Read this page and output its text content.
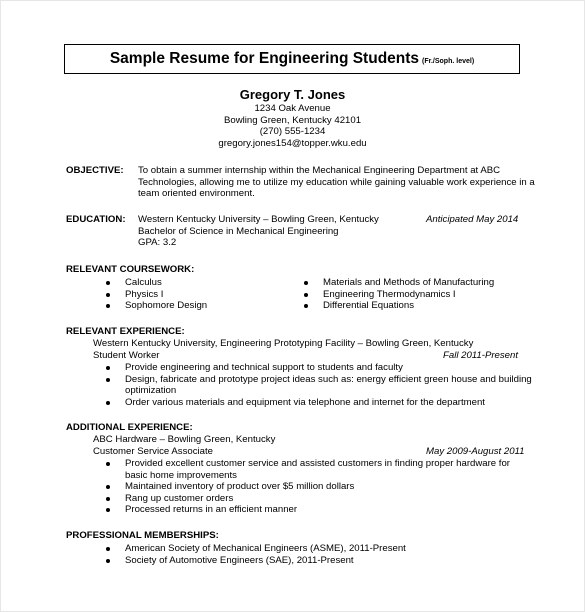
Sample Resume for Engineering Students (Fr./Soph. level)
Gregory T. Jones
1234 Oak Avenue
Bowling Green, Kentucky 42101
(270) 555-1234
gregory.jones154@topper.wku.edu
OBJECTIVE: To obtain a summer internship within the Mechanical Engineering Department at ABC
Technologies, allowing me to utilize my education while gaining valuable work experience in a
team oriented environment.
EDUCATION: Western Kentucky University – Bowling Green, Kentucky
Bachelor of Science in Mechanical Engineering
GPA: 3.2
Anticipated May 2014
RELEVANT COURSEWORK:
Calculus
Physics I
Sophomore Design
Materials and Methods of Manufacturing
Engineering Thermodynamics I
Differential Equations
RELEVANT EXPERIENCE:
Western Kentucky University, Engineering Prototyping Facility – Bowling Green, Kentucky
Student Worker	Fall 2011-Present
Provide engineering and technical support to students and faculty
Design, fabricate and prototype project ideas such as: energy efficient green house and building
optimization
Order various materials and equipment via telephone and internet for the department
ADDITIONAL EXPERIENCE:
ABC Hardware – Bowling Green, Kentucky
Customer Service Associate	May 2009-August 2011
Provided excellent customer service and assisted customers in finding proper hardware for
basic home improvements
Maintained inventory of product over $5 million dollars
Rang up customer orders
Processed returns in an efficient manner
PROFESSIONAL MEMBERSHIPS:
American Society of Mechanical Engineers (ASME), 2011-Present
Society of Automotive Engineers (SAE), 2011-Present
